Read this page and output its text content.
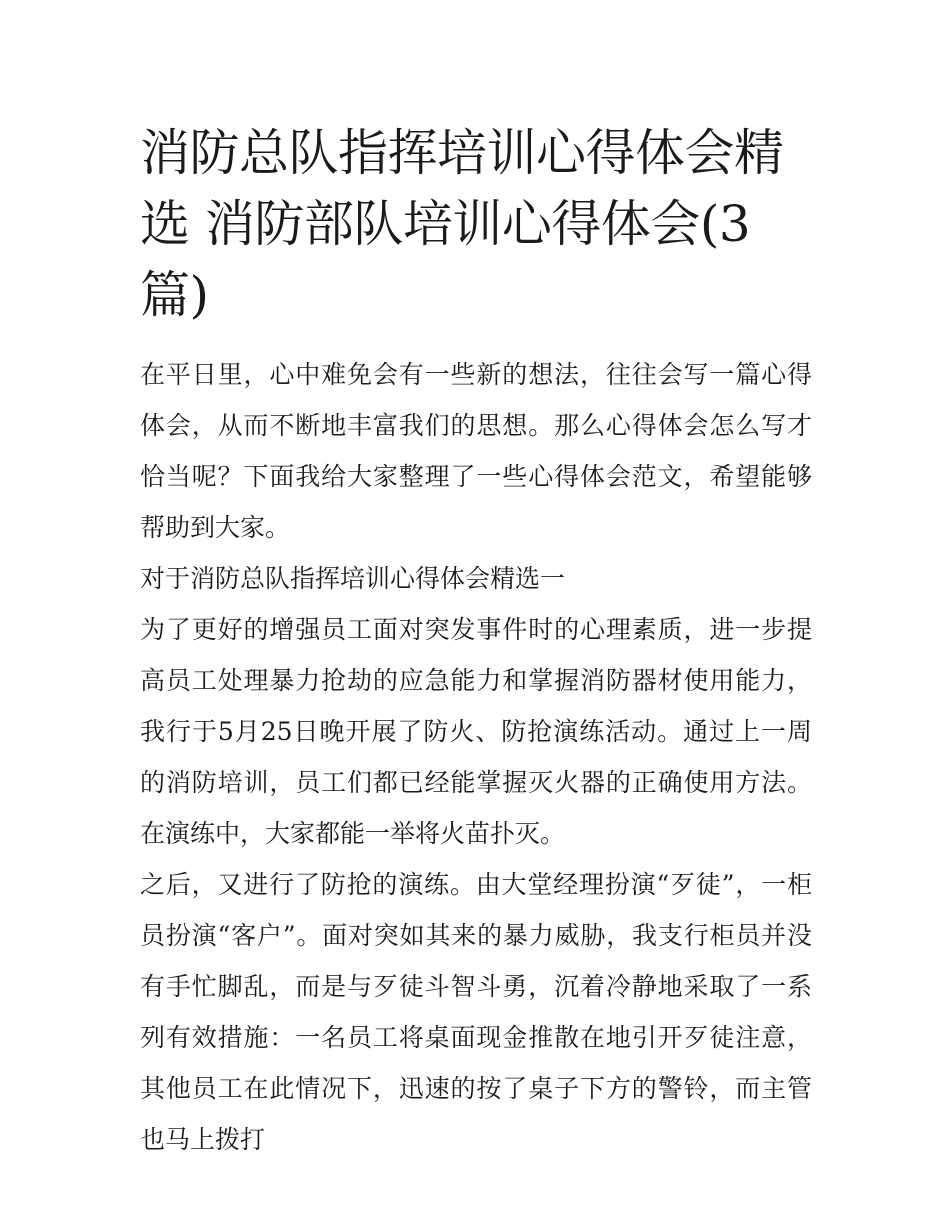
消防总队指挥培训心得体会精选 消防部队培训心得体会(3篇)

在平日里，心中难免会有一些新的想法，往往会写一篇心得体会，从而不断地丰富我们的思想。那么心得体会怎么写才恰当呢？下面我给大家整理了一些心得体会范文，希望能够帮助到大家。

对于消防总队指挥培训心得体会精选一

为了更好的增强员工面对突发事件时的心理素质，进一步提高员工处理暴力抢劫的应急能力和掌握消防器材使用能力，我行于5月25日晚开展了防火、防抢演练活动。通过上一周的消防培训，员工们都已经能掌握灭火器的正确使用方法。在演练中，大家都能一举将火苗扑灭。

之后，又进行了防抢的演练。由大堂经理扮演“歹徒”，一柜员扮演“客户”。面对突如其来的暴力威胁，我支行柜员并没有手忙脚乱，而是与歹徒斗智斗勇，沉着冷静地采取了一系列有效措施：一名员工将桌面现金推散在地引开歹徒注意，其他员工在此情况下，迅速的按了桌子下方的警铃，而主管也马上拨打
